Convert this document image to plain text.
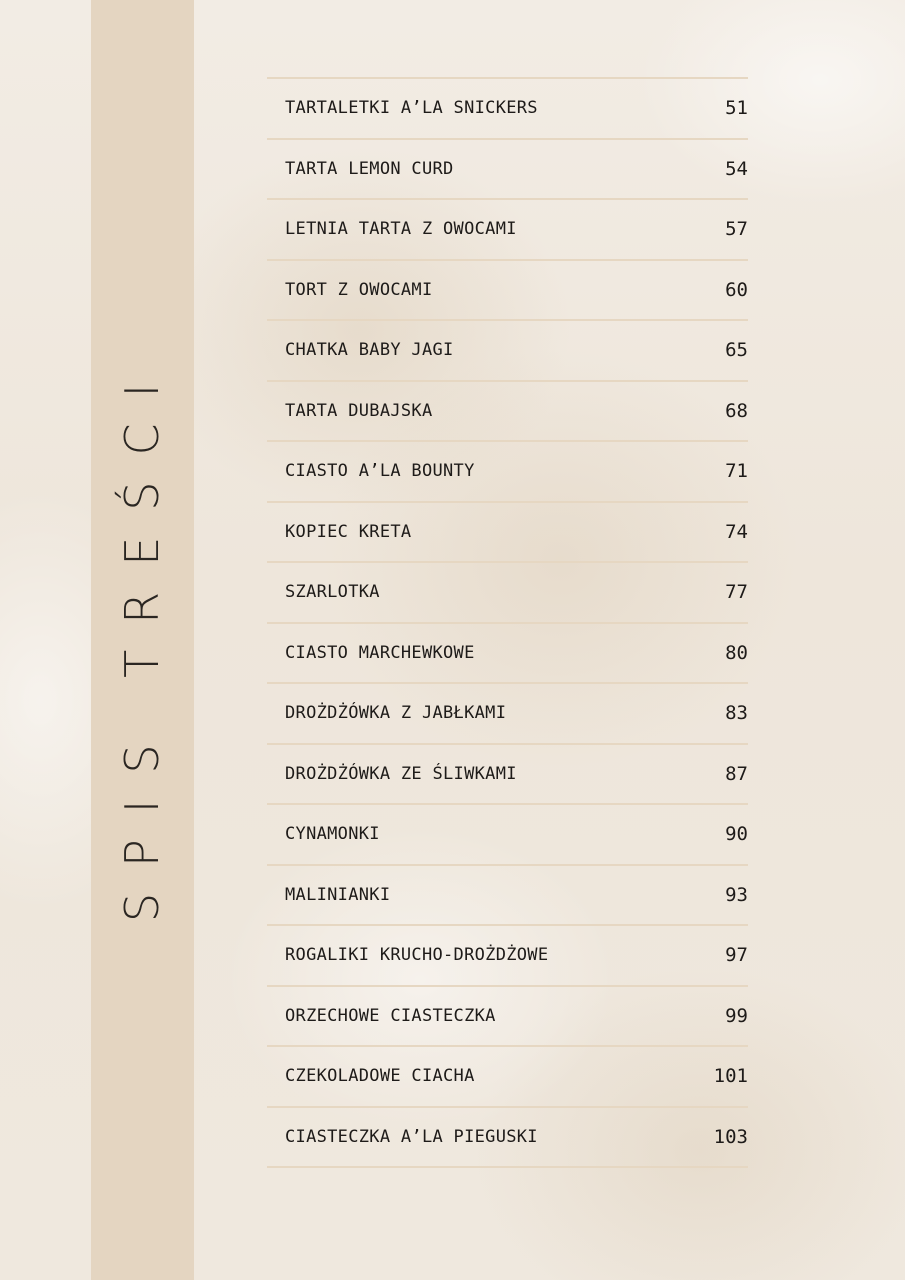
SPIS TREŚCI
TARTALETKI A’LA SNICKERS	51
TARTA LEMON CURD	54
LETNIA TARTA Z OWOCAMI	57
TORT Z OWOCAMI	60
CHATKA BABY JAGI	65
TARTA DUBAJSKA	68
CIASTO A’LA BOUNTY	71
KOPIEC KRETA	74
SZARLOTKA	77
CIASTO MARCHEWKOWE	80
DROŻDŻÓWKA Z JABŁKAMI	83
DROŻDŻÓWKA ZE ŚLIWKAMI	87
CYNAMONKI	90
MALINIANKI	93
ROGALIKI KRUCHO-DROŻDŻOWE	97
ORZECHOWE CIASTECZKA	99
CZEKOLADOWE CIACHA	101
CIASTECZKA A’LA PIEGUSKI	103
